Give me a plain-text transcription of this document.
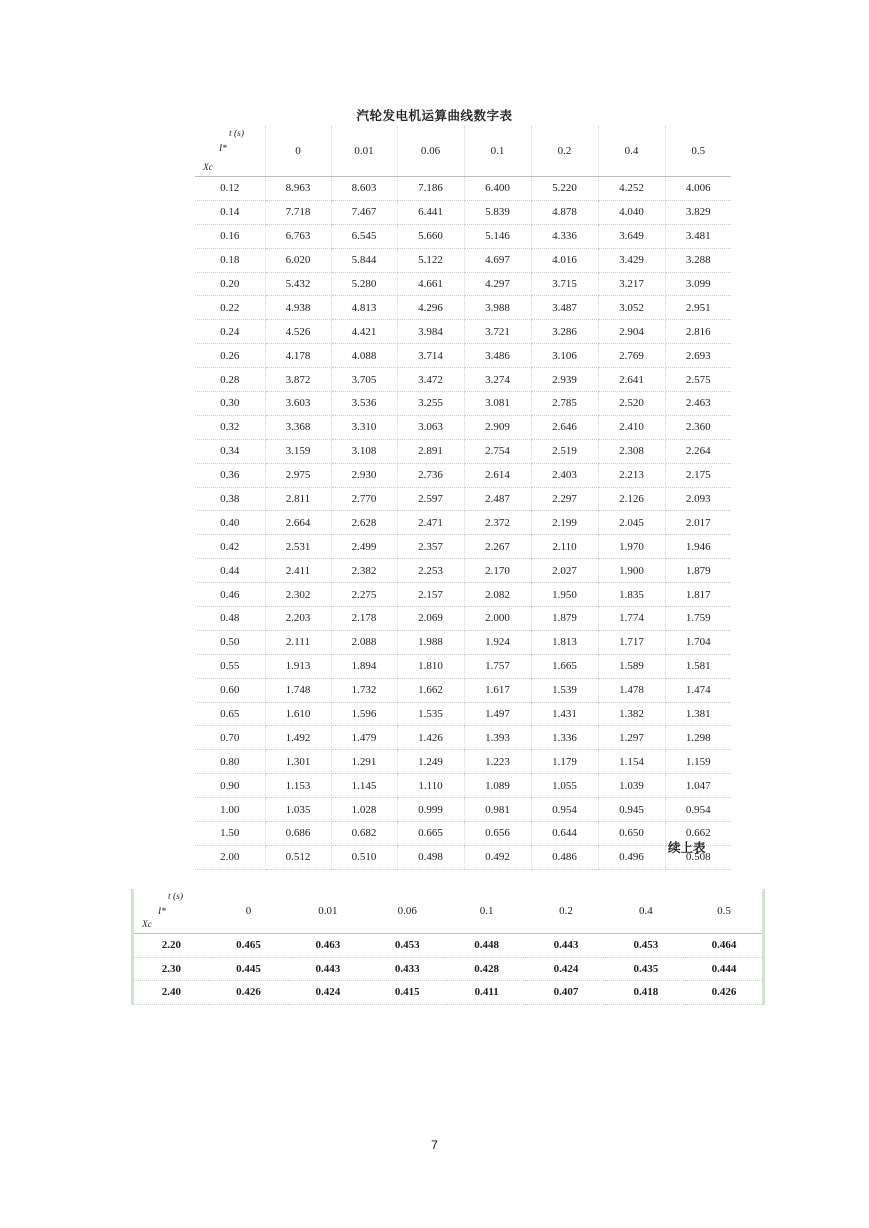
汽轮发电机运算曲线数字表
t (s)
I*
Xc	0	0.01	0.06	0.1	0.2	0.4	0.5
0.12	8.963	8.603	7.186	6.400	5.220	4.252	4.006
0.14	7.718	7.467	6.441	5.839	4.878	4.040	3.829
0.16	6.763	6.545	5.660	5.146	4.336	3.649	3.481
0.18	6.020	5.844	5.122	4.697	4.016	3.429	3.288
0.20	5.432	5.280	4.661	4.297	3.715	3.217	3.099
0.22	4.938	4.813	4.296	3.988	3.487	3.052	2.951
0.24	4.526	4.421	3.984	3.721	3.286	2.904	2.816
0.26	4.178	4.088	3.714	3.486	3.106	2.769	2.693
0.28	3.872	3.705	3.472	3.274	2.939	2.641	2.575
0.30	3.603	3.536	3.255	3.081	2.785	2.520	2.463
0.32	3.368	3.310	3.063	2.909	2.646	2.410	2.360
0.34	3.159	3.108	2.891	2.754	2.519	2.308	2.264
0.36	2.975	2.930	2.736	2.614	2.403	2.213	2.175
0.38	2.811	2.770	2.597	2.487	2.297	2.126	2.093
0.40	2.664	2.628	2.471	2.372	2.199	2.045	2.017
0.42	2.531	2.499	2.357	2.267	2.110	1.970	1.946
0.44	2.411	2.382	2.253	2.170	2.027	1.900	1.879
0.46	2.302	2.275	2.157	2.082	1.950	1.835	1.817
0.48	2.203	2.178	2.069	2.000	1.879	1.774	1.759
0.50	2.111	2.088	1.988	1.924	1.813	1.717	1.704
0.55	1.913	1.894	1.810	1.757	1.665	1.589	1.581
0.60	1.748	1.732	1.662	1.617	1.539	1.478	1.474
0.65	1.610	1.596	1.535	1.497	1.431	1.382	1.381
0.70	1.492	1.479	1.426	1.393	1.336	1.297	1.298
0.80	1.301	1.291	1.249	1.223	1.179	1.154	1.159
0.90	1.153	1.145	1.110	1.089	1.055	1.039	1.047
1.00	1.035	1.028	0.999	0.981	0.954	0.945	0.954
1.50	0.686	0.682	0.665	0.656	0.644	0.650	0.662
2.00	0.512	0.510	0.498	0.492	0.486	0.496	0.508
续上表
t (s)
I*
Xc	0	0.01	0.06	0.1	0.2	0.4	0.5
2.20	0.465	0.463	0.453	0.448	0.443	0.453	0.464
2.30	0.445	0.443	0.433	0.428	0.424	0.435	0.444
2.40	0.426	0.424	0.415	0.411	0.407	0.418	0.426
7
